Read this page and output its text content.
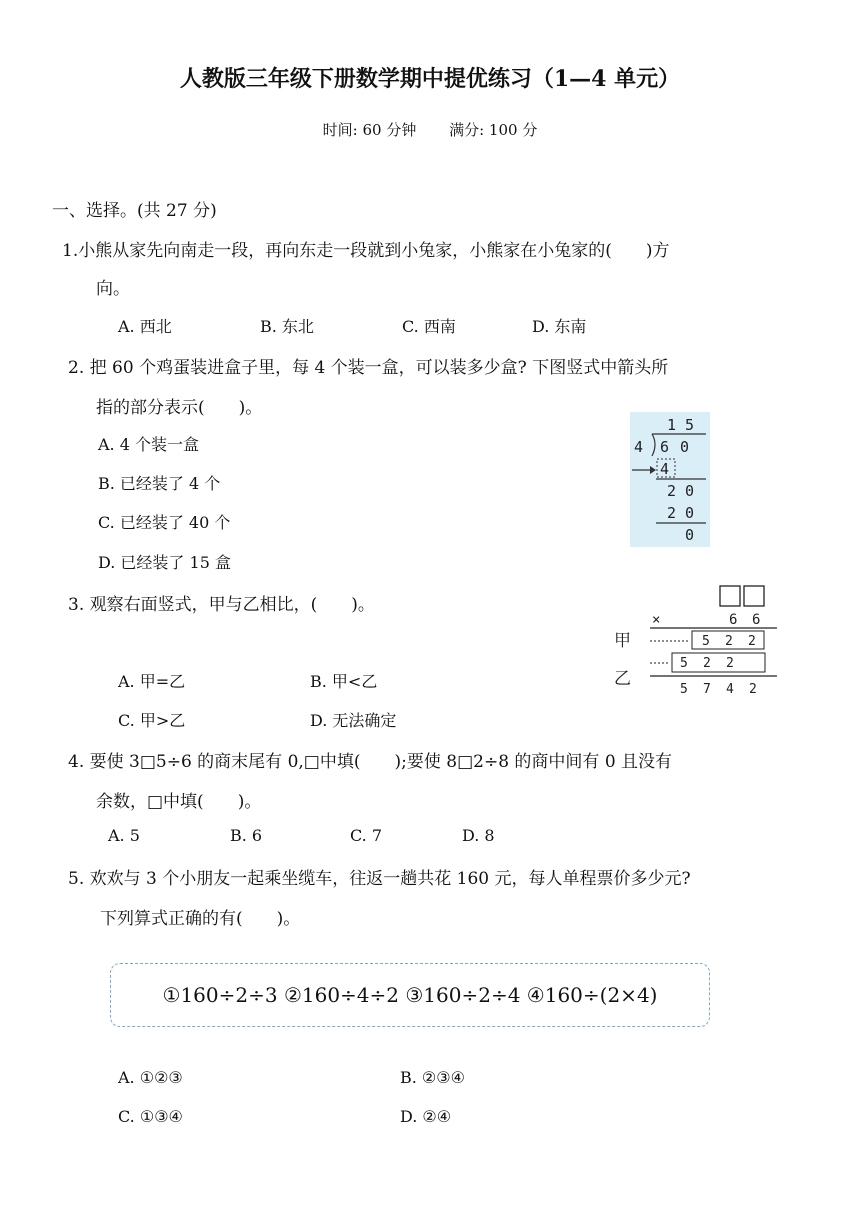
人教版三年级下册数学期中提优练习（1—4 单元）
时间: 60 分钟 满分: 100 分
一、选择。(共 27 分)
1.小熊从家先向南走一段，再向东走一段就到小兔家，小熊家在小兔家的(　　)方
向。
A. 西北	B. 东北	C. 西南	D. 东南
2. 把 60 个鸡蛋装进盒子里，每 4 个装一盒，可以装多少盒? 下图竖式中箭头所
指的部分表示(　　)。
A. 4 个装一盒
B. 已经装了 4 个
C. 已经装了 40 个
D. 已经装了 15 盒
1 5
4 6 0
4
2 0
2 0
0
3. 观察右面竖式，甲与乙相比，(　　)。
A. 甲=乙	B. 甲<乙
C. 甲>乙	D. 无法确定
×	6 6
甲	5 2 2
5 2 2
乙
5 7 4 2
4. 要使 3□5÷6 的商末尾有 0,□中填(　　);要使 8□2÷8 的商中间有 0 且没有
余数，□中填(　　)。
A. 5	B. 6	C. 7	D. 8
5. 欢欢与 3 个小朋友一起乘坐缆车，往返一趟共花 160 元，每人单程票价多少元?
下列算式正确的有(　　)。
①160÷2÷3 ②160÷4÷2 ③160÷2÷4 ④160÷(2×4)
A. ①②③	B. ②③④
C. ①③④	D. ②④
